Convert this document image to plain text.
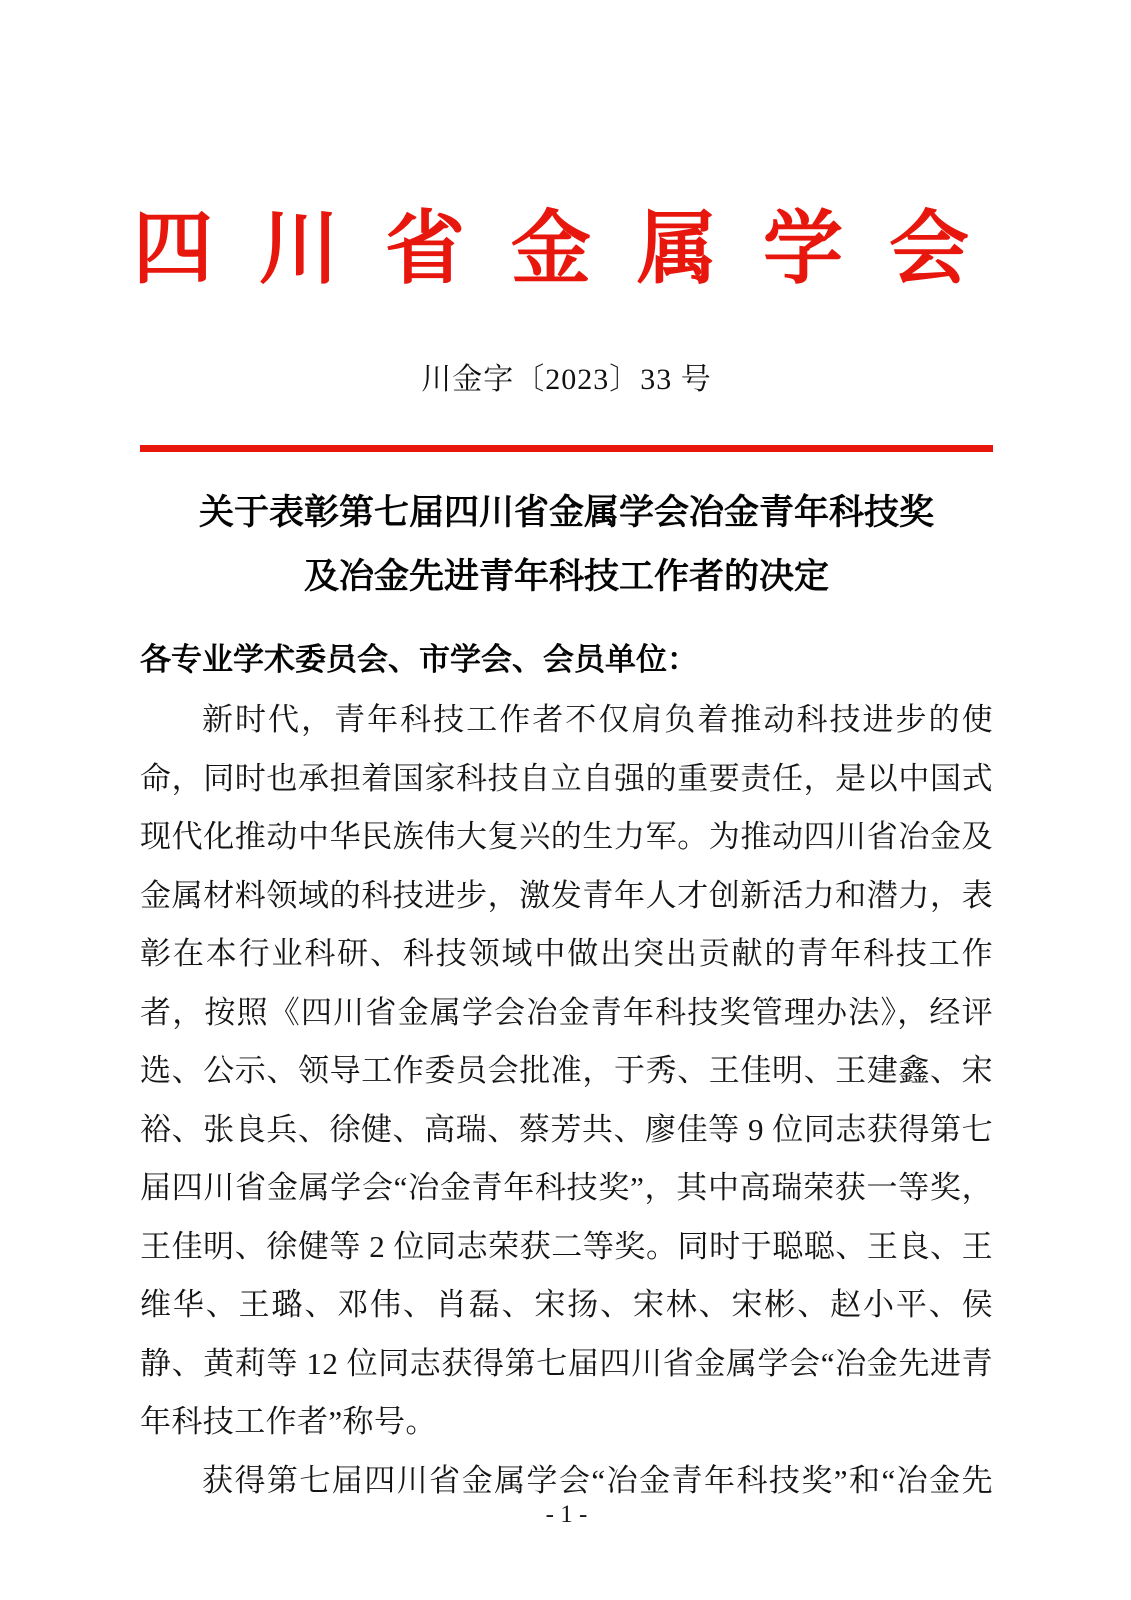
四川省金属学会
川金字〔2023〕33 号
关于表彰第七届四川省金属学会冶金青年科技奖
及冶金先进青年科技工作者的决定
各专业学术委员会、市学会、会员单位：

新时代，青年科技工作者不仅肩负着推动科技进步的使命，同时也承担着国家科技自立自强的重要责任，是以中国式现代化推动中华民族伟大复兴的生力军。为推动四川省冶金及金属材料领域的科技进步，激发青年人才创新活力和潜力，表彰在本行业科研、科技领域中做出突出贡献的青年科技工作者，按照《四川省金属学会冶金青年科技奖管理办法》，经评选、公示、领导工作委员会批准，于秀、王佳明、王建鑫、宋裕、张良兵、徐健、高瑞、蔡芳共、廖佳等 9 位同志获得第七届四川省金属学会“冶金青年科技奖”，其中高瑞荣获一等奖，王佳明、徐健等 2 位同志荣获二等奖。同时于聪聪、王良、王维华、王璐、邓伟、肖磊、宋扬、宋林、宋彬、赵小平、侯静、黄莉等 12 位同志获得第七届四川省金属学会“冶金先进青年科技工作者”称号。

获得第七届四川省金属学会“冶金青年科技奖”和“冶金先

- 1 -
